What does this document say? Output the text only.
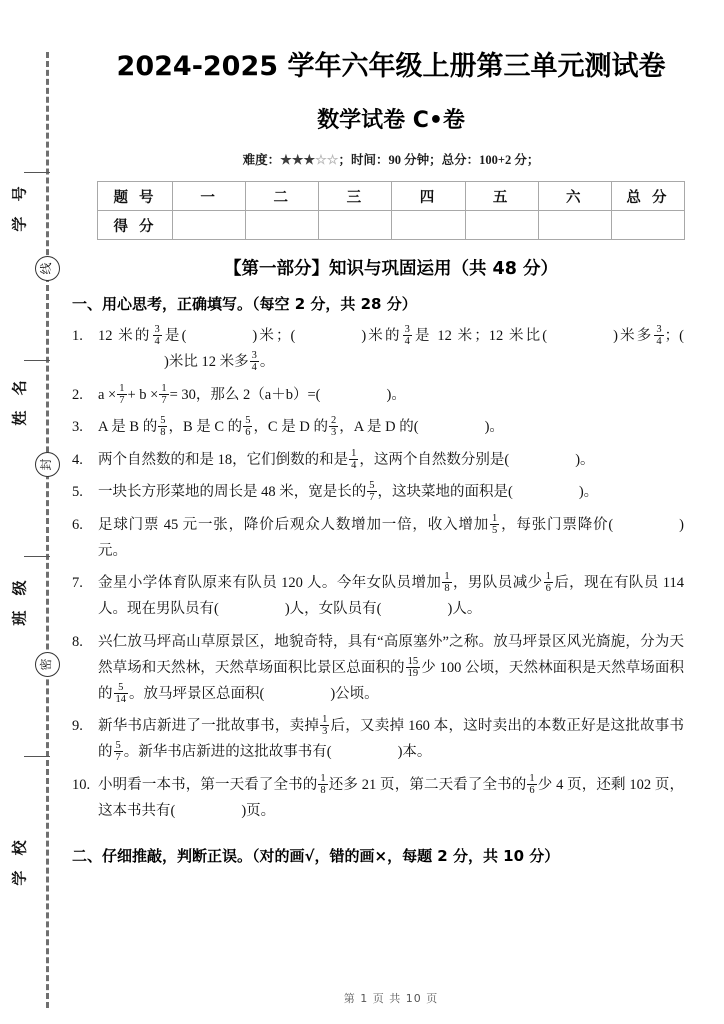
学 号
线
姓 名
封
班 级
密
学 校
2024-2025 学年六年级上册第三单元测试卷
数学试卷 C•卷

难度：★★★☆☆；时间：90 分钟；总分：100+2 分；

题 号	一	二	三	四	五	六	总 分
得 分							

【第一部分】知识与巩固运用（共 48 分）

一、用心思考，正确填写。（每空 2 分，共 28 分）

1.	12 米的 $\frac{3}{4}$ 是(	)米；(	)米的 $\frac{3}{4}$ 是 12 米；12 米比(	)米多 $\frac{3}{4}$ ；()米比 12 米多 $\frac{3}{4}$ 。
2.	$a \times \frac{1}{7} + b \times \frac{1}{7} = 30$，那么 2（a＋b）=(	)。
3.	A 是 B 的 $\frac{5}{8}$ ，B 是 C 的 $\frac{5}{6}$ ，C 是 D 的 $\frac{2}{3}$ ，A 是 D 的(	)。
4.	两个自然数的和是 18，它们倒数的和是 $\frac{1}{4}$ ，这两个自然数分别是(	)。
5.	一块长方形菜地的周长是 48 米，宽是长的 $\frac{5}{7}$ ，这块菜地的面积是(	)。
6.	足球门票 45 元一张，降价后观众人数增加一倍，收入增加 $\frac{1}{5}$ ，每张门票降价(	)元。
7.	金星小学体育队原来有队员 120 人。今年女队员增加 $\frac{1}{8}$ ，男队员减少 $\frac{1}{6}$ 后，现在有队员 114 人。现在男队员有(	)人，女队员有(	)人。
8.	兴仁放马坪高山草原景区，地貌奇特，具有“高原塞外”之称。放马坪景区风光旖旎，分为天然草场和天然林，天然草场面积比景区总面积的 $\frac{15}{19}$ 少 100 公顷，天然林面积是天然草场面积的 $\frac{5}{14}$ 。放马坪景区总面积(	)公顷。
9.	新华书店新进了一批故事书，卖掉 $\frac{1}{3}$ 后，又卖掉 160 本，这时卖出的本数正好是这批故事书的 $\frac{5}{7}$ 。新华书店新进的这批故事书有(	)本。
10. 小明看一本书，第一天看了全书的 $\frac{1}{8}$ 还多 21 页，第二天看了全书的 $\frac{1}{6}$ 少 4 页，还剩 102 页，这本书共有(	)页。

二、仔细推敲，判断正误。（对的画√，错的画×，每题 2 分，共 10 分）

第 1 页 共 10 页
